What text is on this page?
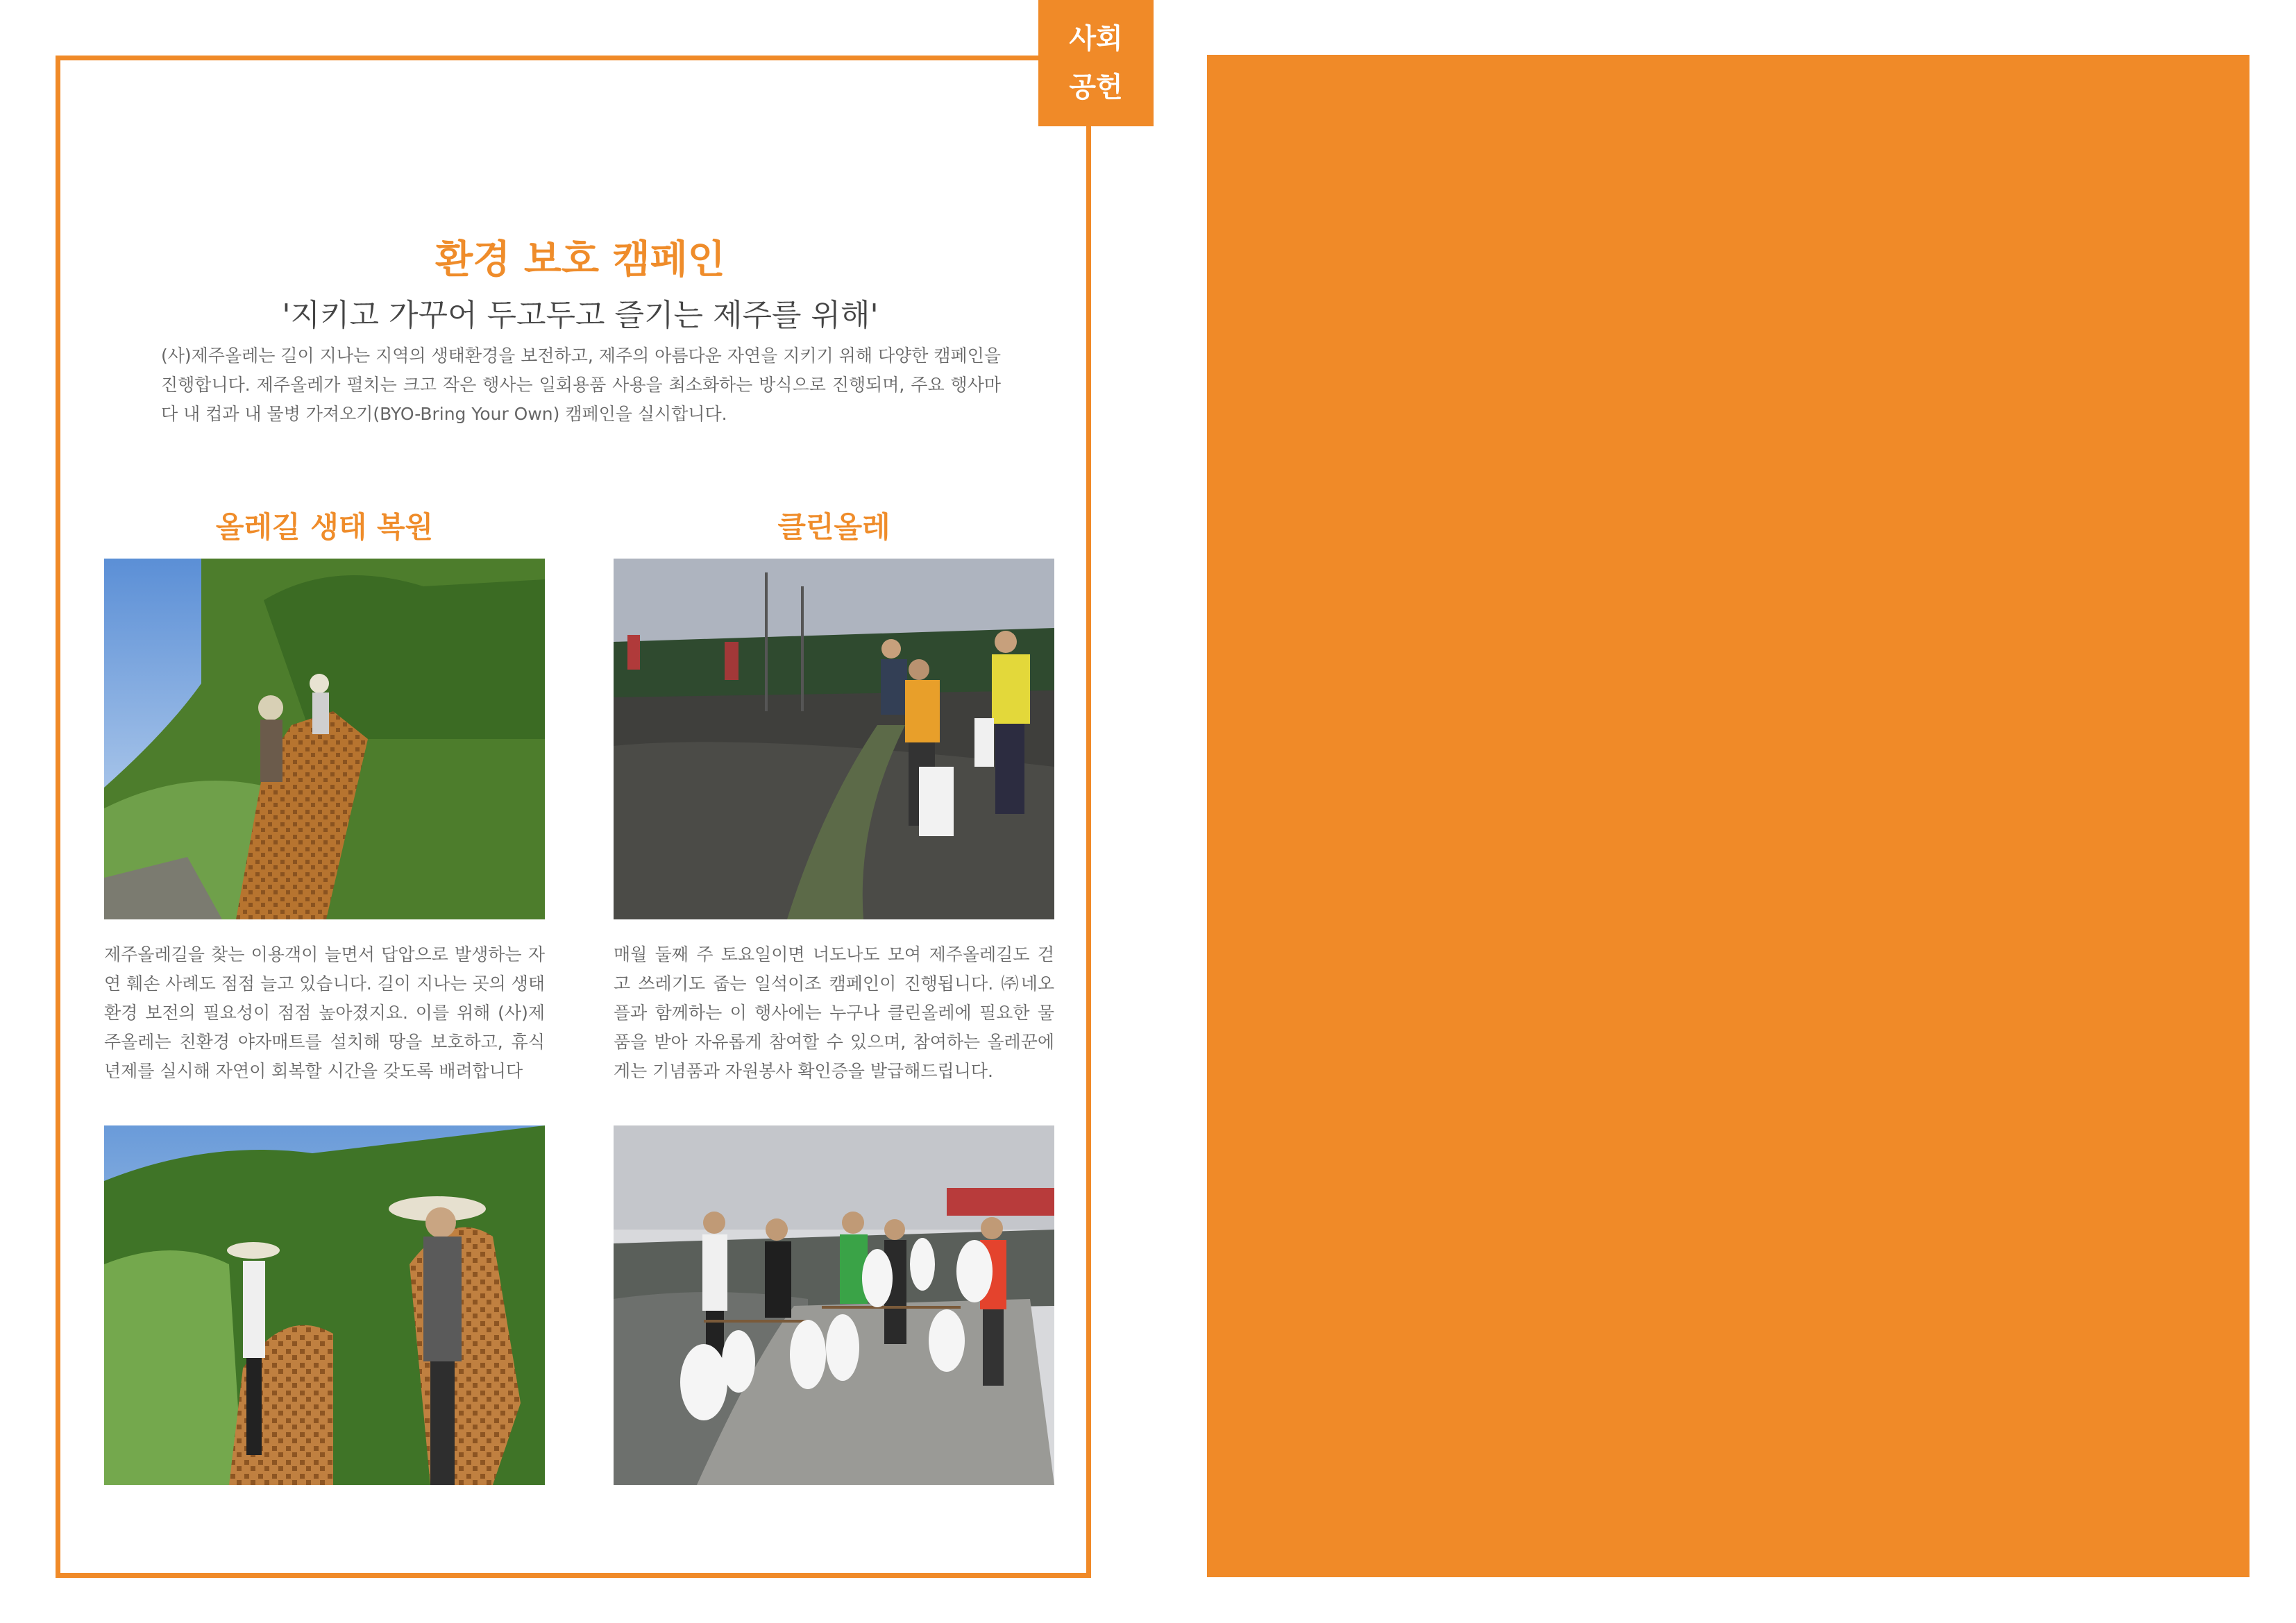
사회
공헌
환경 보호 캠페인
'지키고 가꾸어 두고두고 즐기는 제주를 위해'
(사)제주올레는 길이 지나는 지역의 생태환경을 보전하고, 제주의 아름다운 자연을 지키기 위해 다양한 캠페인을 진행합니다. 제주올레가 펼치는 크고 작은 행사는 일회용품 사용을 최소화하는 방식으로 진행되며, 주요 행사마다 내 컵과 내 물병 가져오기(BYO-Bring Your Own) 캠페인을 실시합니다.
올레길 생태 복원
제주올레길을 찾는 이용객이 늘면서 답압으로 발생하는 자연 훼손 사례도 점점 늘고 있습니다. 길이 지나는 곳의 생태환경 보전의 필요성이 점점 높아졌지요. 이를 위해 (사)제주올레는 친환경 야자매트를 설치해 땅을 보호하고, 휴식년제를 실시해 자연이 회복할 시간을 갖도록 배려합니다
클린올레
매월 둘째 주 토요일이면 너도나도 모여 제주올레길도 걷고 쓰레기도 줍는 일석이조 캠페인이 진행됩니다. ㈜네오플과 함께하는 이 행사에는 누구나 클린올레에 필요한 물품을 받아 자유롭게 참여할 수 있으며, 참여하는 올레꾼에게는 기념품과 자원봉사 확인증을 발급해드립니다.
